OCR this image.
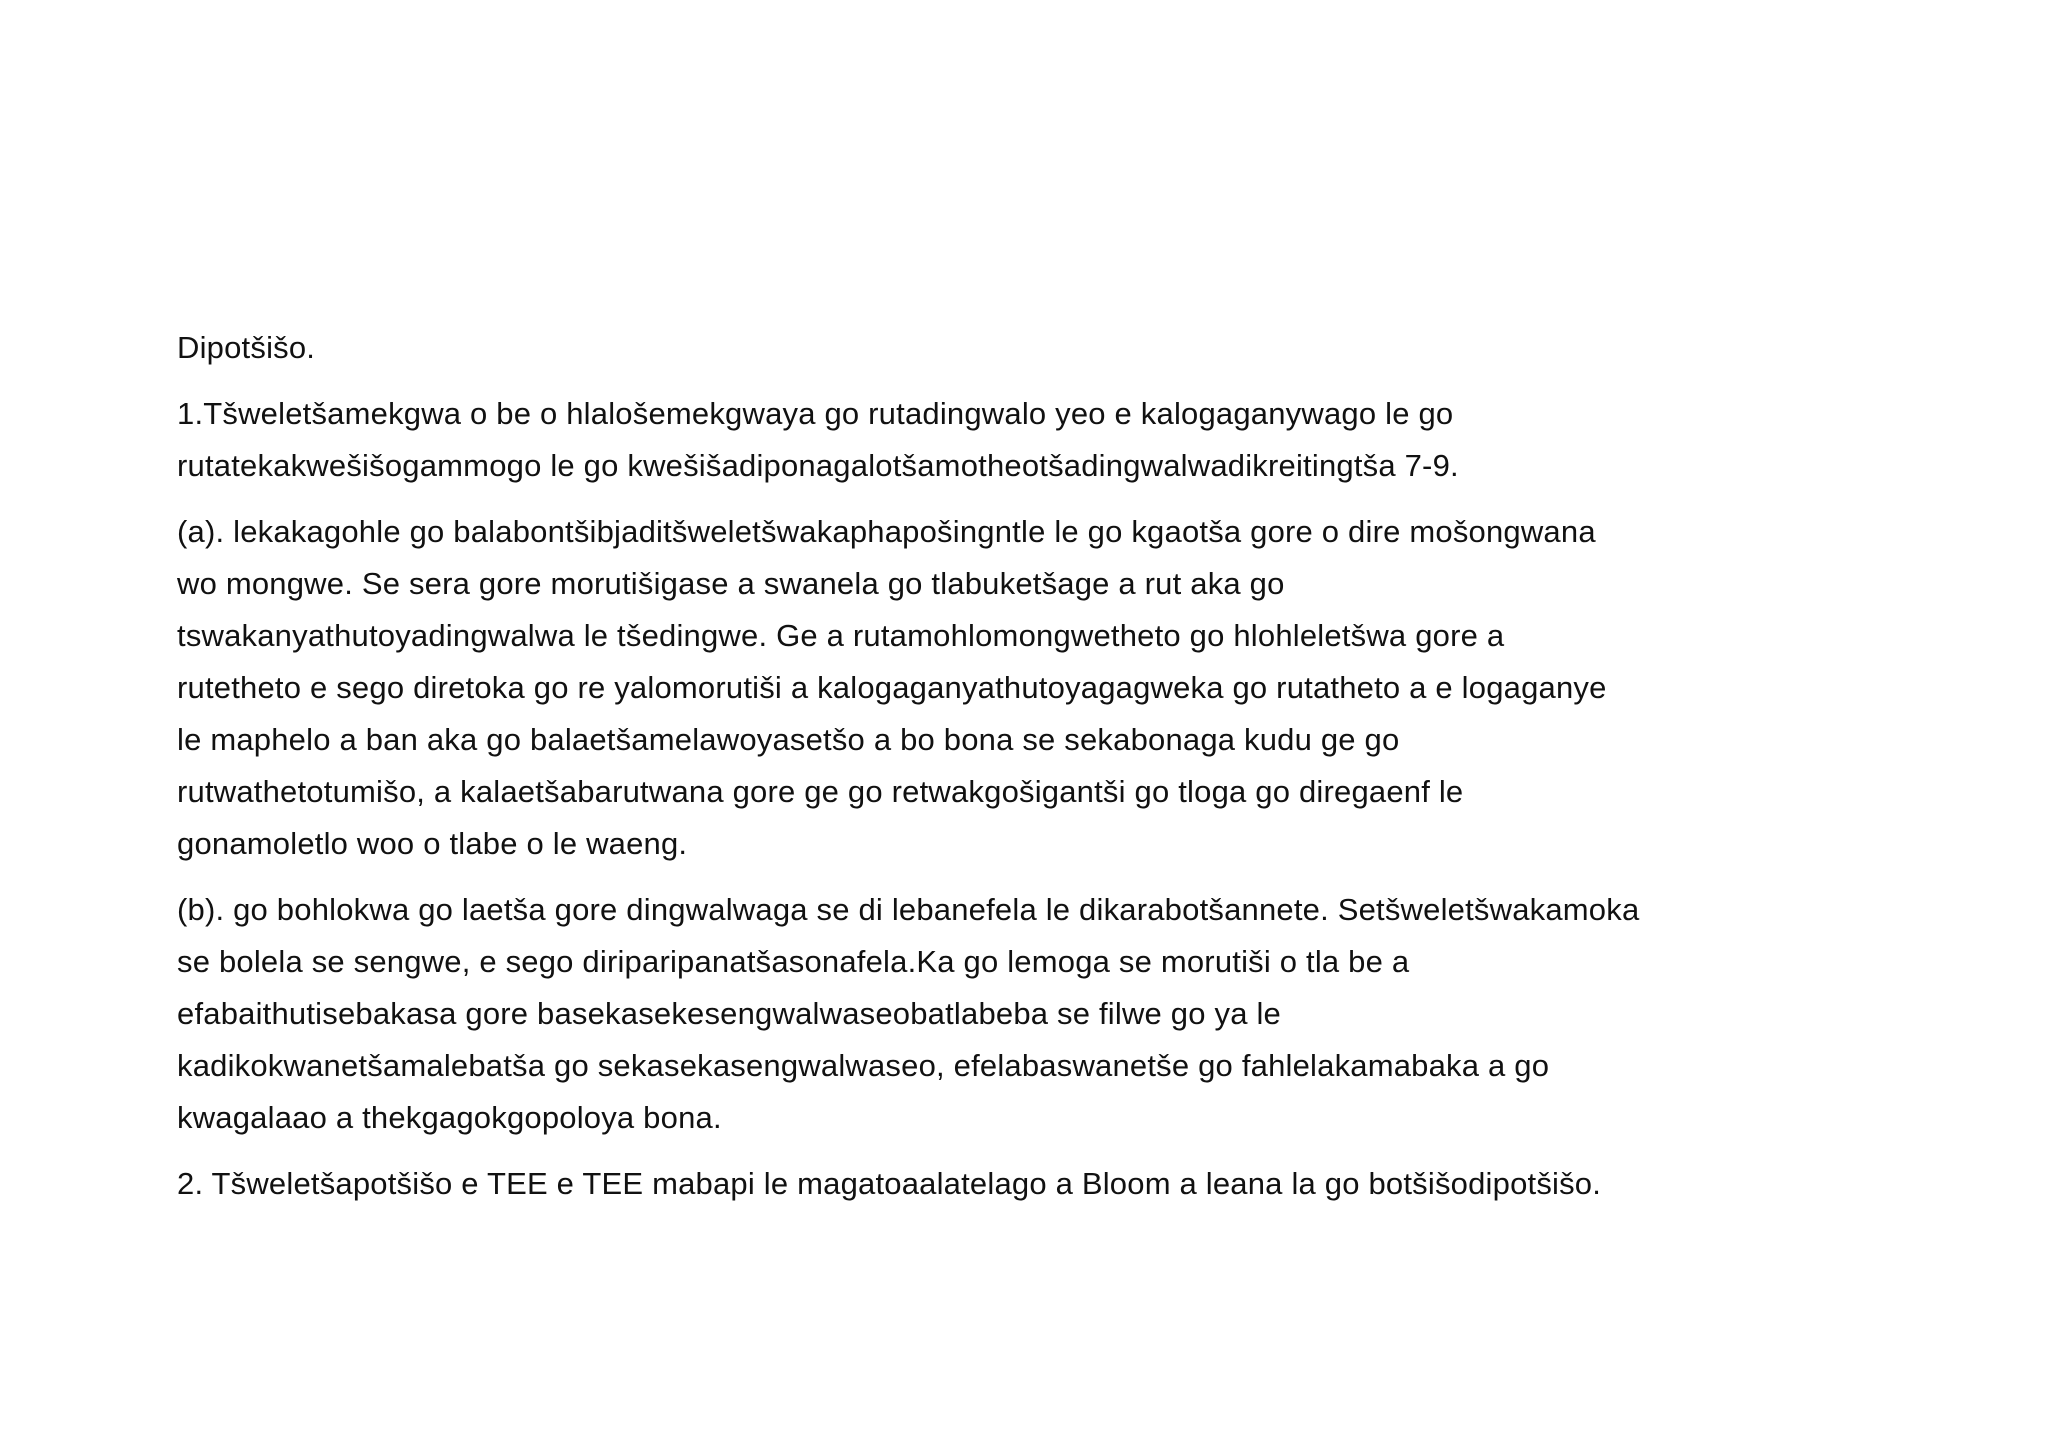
Dipotšišo.
1.Tšweletšamekgwa o be o hlalošemekgwaya go rutadingwalo yeo e kalogaganywago le go
rutatekakwešišogammogo le go kwešišadiponagalotšamotheotšadingwalwadikreitingtša 7-9.
(a). lekakagohle go balabontšibjaditšweletšwakaphapošingntle le go kgaotša gore o dire mošongwana
wo mongwe. Se sera gore morutišigase a swanela go tlabuketšage a rut aka go
tswakanyathutoyadingwalwa le tšedingwe. Ge a rutamohlomongwetheto go hlohleletšwa gore a
rutetheto e sego diretoka go re yalomorutiši a kalogaganyathutoyagagweka go rutatheto a e logaganye
le maphelo a ban aka go balaetšamelawoyasetšo a bo bona se sekabonaga kudu ge go
rutwathetotumišo, a kalaetšabarutwana gore ge go retwakgošigantši go tloga go diregaenf le
gonamoletlo woo o tlabe o le waeng.
(b). go bohlokwa go laetša gore dingwalwaga se di lebanefela le dikarabotšannete. Setšweletšwakamoka
se bolela se sengwe, e sego diriparipanatšasonafela.Ka go lemoga se morutiši o tla be a
efabaithutisebakasa gore basekasekesengwalwaseobatlabeba se filwe go ya le
kadikokwanetšamalebatša go sekasekasengwalwaseo, efelabaswanetše go fahlelakamabaka a go
kwagalaao a thekgagokgopoloya bona.
2. Tšweletšapotšišo e TEE e TEE mabapi le magatoaalatelago a Bloom a leana la go botšišodipotšišo.
